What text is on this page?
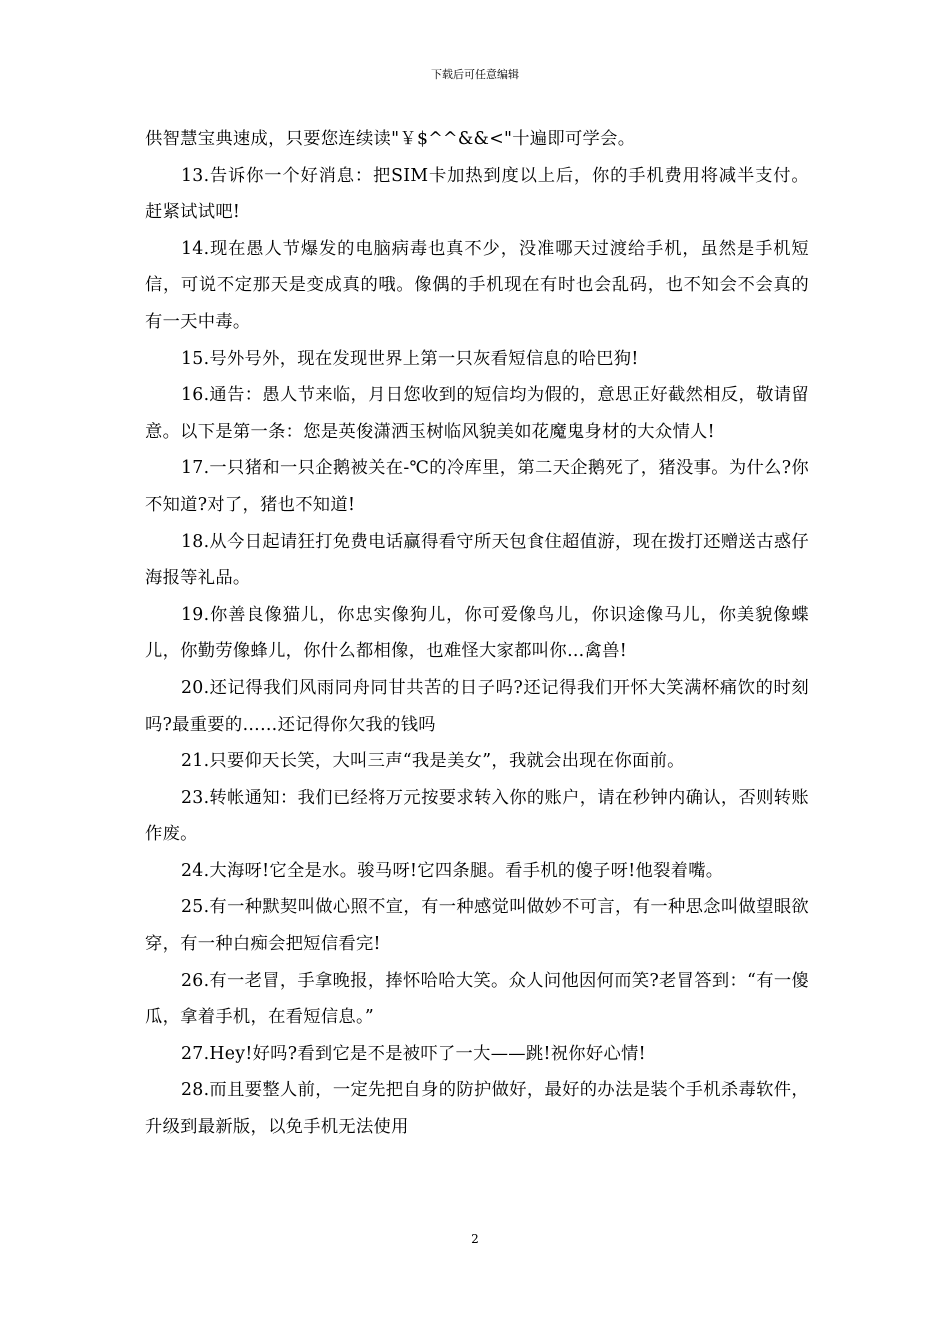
下载后可任意编辑

供智慧宝典速成，只要您连续读"￥$^^&&<"十遍即可学会。

13.告诉你一个好消息：把SIM卡加热到度以上后，你的手机费用将减半支付。赶紧试试吧!

14.现在愚人节爆发的电脑病毒也真不少，没准哪天过渡给手机，虽然是手机短信，可说不定那天是变成真的哦。像偶的手机现在有时也会乱码，也不知会不会真的有一天中毒。

15.号外号外，现在发现世界上第一只灰看短信息的哈巴狗!

16.通告：愚人节来临，月日您收到的短信均为假的，意思正好截然相反，敬请留意。以下是第一条：您是英俊潇洒玉树临风貌美如花魔鬼身材的大众情人!

17.一只猪和一只企鹅被关在-℃的冷库里，第二天企鹅死了，猪没事。为什么?你不知道?对了，猪也不知道!

18.从今日起请狂打免费电话赢得看守所天包食住超值游，现在拨打还赠送古惑仔海报等礼品。

19.你善良像猫儿，你忠实像狗儿，你可爱像鸟儿，你识途像马儿，你美貌像蝶儿，你勤劳像蜂儿，你什么都相像，也难怪大家都叫你…禽兽!

20.还记得我们风雨同舟同甘共苦的日子吗?还记得我们开怀大笑满杯痛饮的时刻吗?最重要的……还记得你欠我的钱吗

21.只要仰天长笑，大叫三声“我是美女”，我就会出现在你面前。

23.转帐通知：我们已经将万元按要求转入你的账户，请在秒钟内确认，否则转账作废。

24.大海呀!它全是水。骏马呀!它四条腿。看手机的傻子呀!他裂着嘴。

25.有一种默契叫做心照不宣，有一种感觉叫做妙不可言，有一种思念叫做望眼欲穿，有一种白痴会把短信看完!

26.有一老冒，手拿晚报，捧怀哈哈大笑。众人问他因何而笑?老冒答到：“有一傻瓜，拿着手机，在看短信息。”

27.Hey!好吗?看到它是不是被吓了一大——跳!祝你好心情!

28.而且要整人前，一定先把自身的防护做好，最好的办法是装个手机杀毒软件，升级到最新版，以免手机无法使用

2
